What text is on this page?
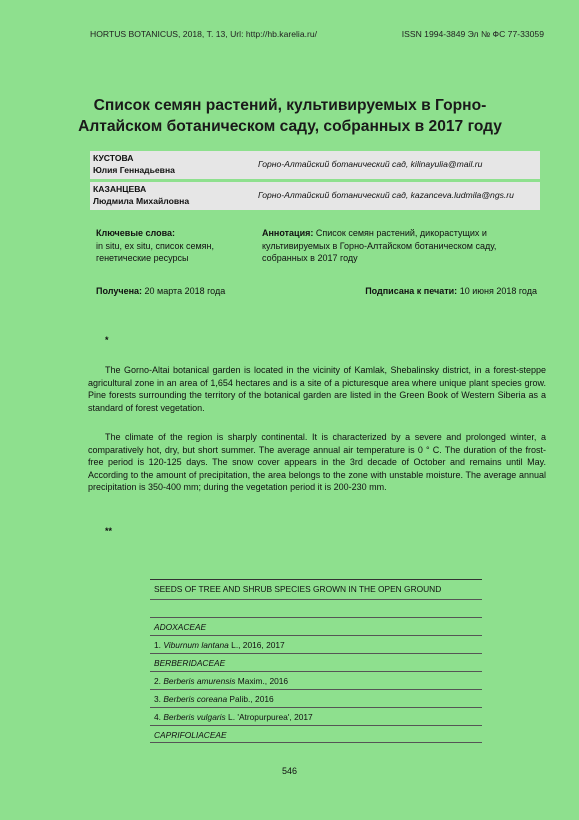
HORTUS BOTANICUS, 2018, Т. 13, Url: http://hb.karelia.ru/	ISSN 1994-3849 Эл № ФС 77-33059
Список семян растений, культивируемых в Горно-Алтайском ботаническом саду, собранных в 2017 году
КУСТОВА
Юлия Геннадьевна
Горно-Алтайский ботанический сад, kilinayulia@mail.ru
КАЗАНЦЕВА
Людмила Михайловна
Горно-Алтайский ботанический сад, kazanceva.ludmila@ngs.ru
Ключевые слова:
in situ, ex situ, список семян, генетические ресурсы
Аннотация: Список семян растений, дикорастущих и культивируемых в Горно-Алтайском ботаническом саду, собранных в 2017 году
Получена: 20 марта 2018 года	Подписана к печати: 10 июня 2018 года
*
The Gorno-Altai botanical garden is located in the vicinity of Kamlak, Shebalinsky district, in a forest-steppe agricultural zone in an area of 1,654 hectares and is a site of a picturesque area where unique plant species grow. Pine forests surrounding the territory of the botanical garden are listed in the Green Book of Western Siberia as a standard of forest vegetation.
The climate of the region is sharply continental. It is characterized by a severe and prolonged winter, a comparatively hot, dry, but short summer. The average annual air temperature is 0 ° C. The duration of the frost-free period is 120-125 days. The snow cover appears in the 3rd decade of October and remains until May. According to the amount of precipitation, the area belongs to the zone with unstable moisture. The average annual precipitation is 350-400 mm; during the vegetation period it is 200-230 mm.
**
SEEDS OF TREE AND SHRUB SPECIES GROWN IN THE OPEN GROUND
ADOXACEAE
1. Viburnum lantana L., 2016, 2017
BERBERIDACEAE
2. Berberis amurensis Maxim., 2016
3. Berberis coreana Palib., 2016
4. Berberis vulgaris L. 'Atropurpurea', 2017
CAPRIFOLIACEAE
546
